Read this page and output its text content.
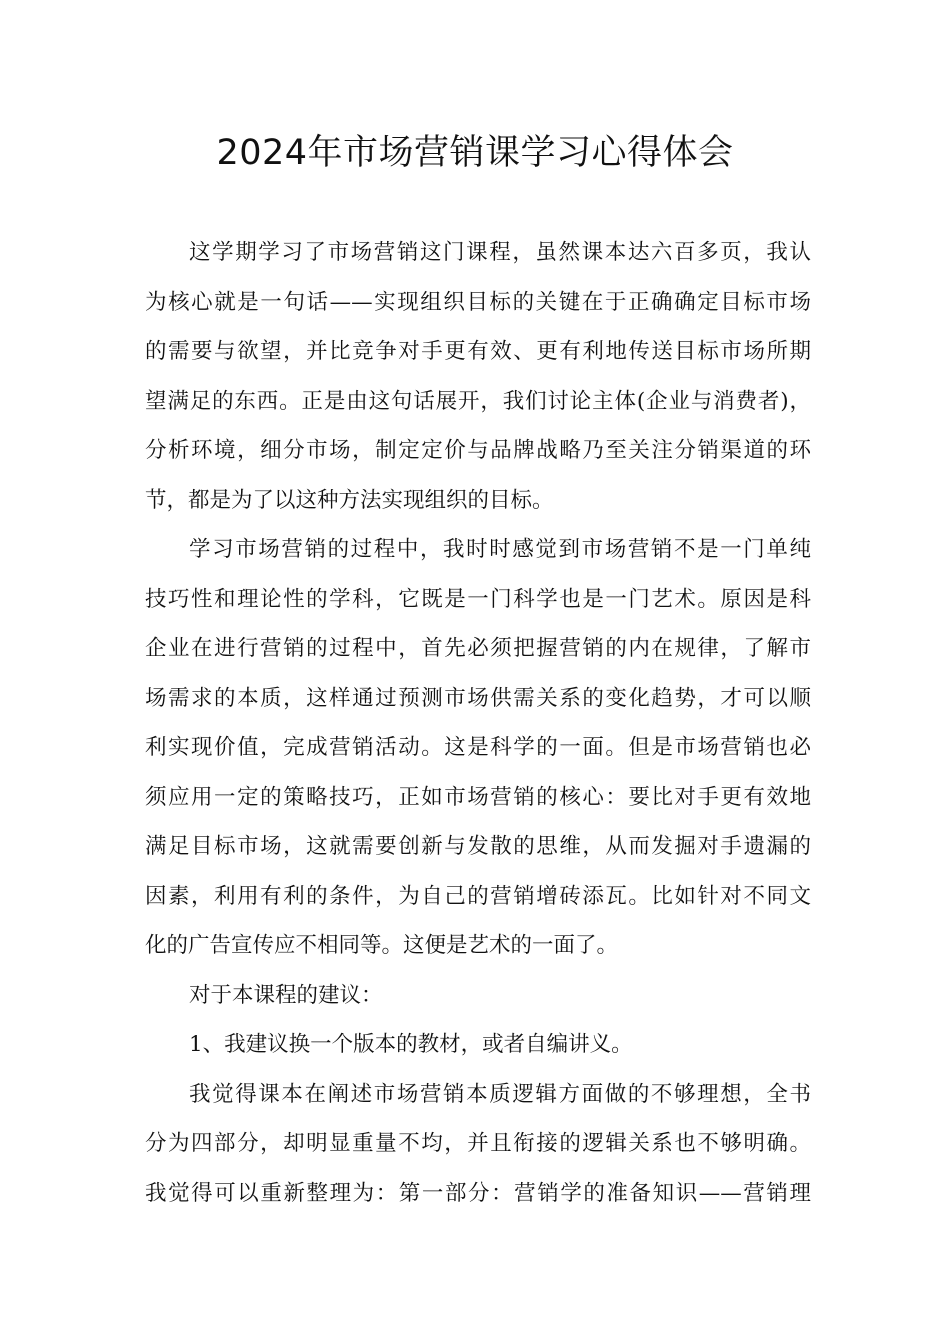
2024年市场营销课学习心得体会

这学期学习了市场营销这门课程，虽然课本达六百多页，我认
为核心就是一句话——实现组织目标的关键在于正确确定目标市场
的需要与欲望，并比竞争对手更有效、更有利地传送目标市场所期
望满足的东西。正是由这句话展开，我们讨论主体(企业与消费者)，
分析环境，细分市场，制定定价与品牌战略乃至关注分销渠道的环
节，都是为了以这种方法实现组织的目标。

学习市场营销的过程中，我时时感觉到市场营销不是一门单纯
技巧性和理论性的学科，它既是一门科学也是一门艺术。原因是科
企业在进行营销的过程中，首先必须把握营销的内在规律，了解市
场需求的本质，这样通过预测市场供需关系的变化趋势，才可以顺
利实现价值，完成营销活动。这是科学的一面。但是市场营销也必
须应用一定的策略技巧，正如市场营销的核心：要比对手更有效地
满足目标市场，这就需要创新与发散的思维，从而发掘对手遗漏的
因素，利用有利的条件，为自己的营销增砖添瓦。比如针对不同文
化的广告宣传应不相同等。这便是艺术的一面了。

对于本课程的建议：

1、我建议换一个版本的教材，或者自编讲义。

我觉得课本在阐述市场营销本质逻辑方面做的不够理想，全书
分为四部分，却明显重量不均，并且衔接的逻辑关系也不够明确。
我觉得可以重新整理为：第一部分：营销学的准备知识——营销理
